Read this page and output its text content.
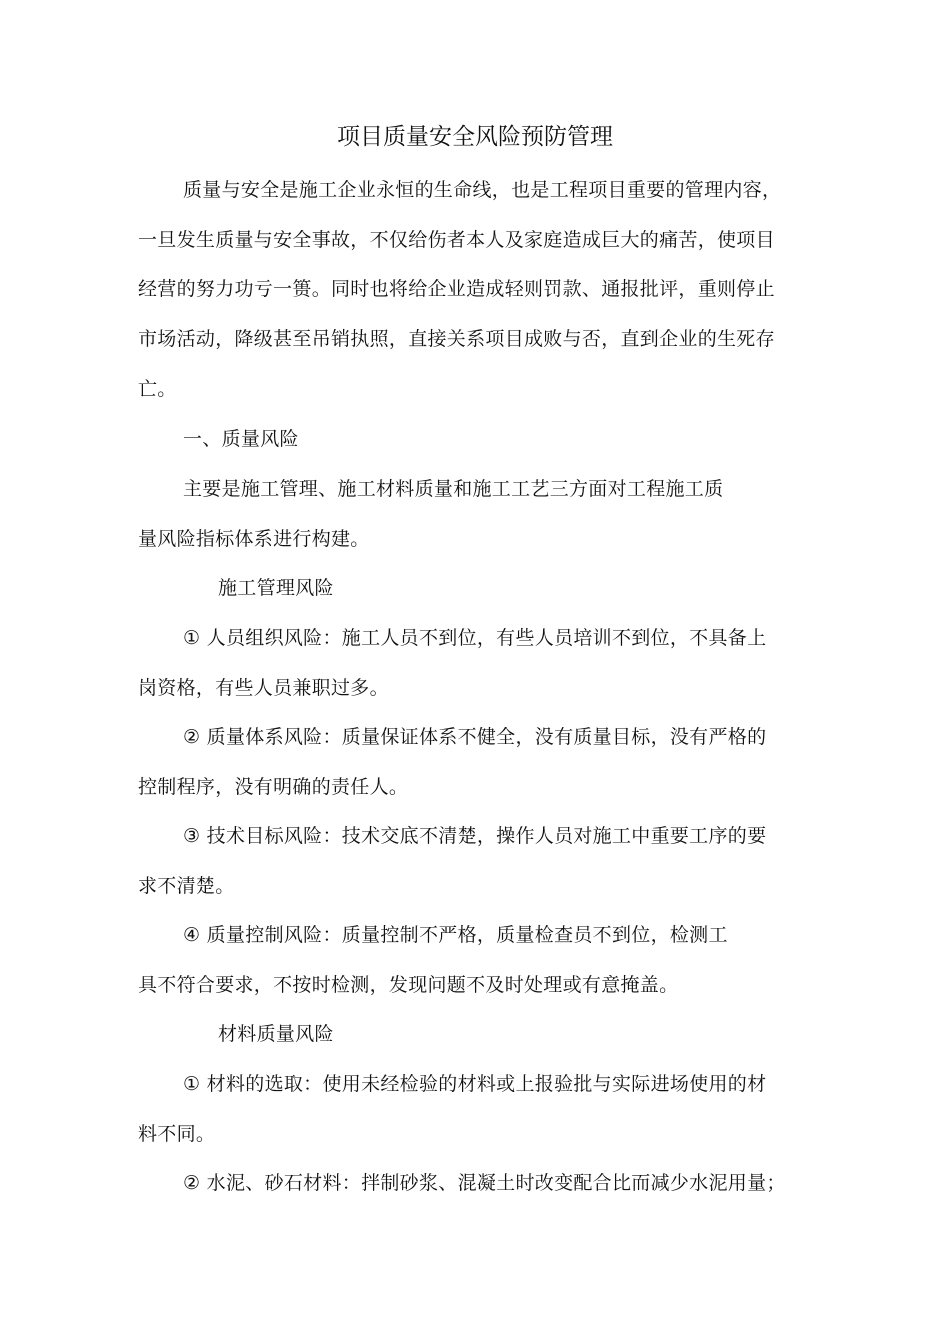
项目质量安全风险预防管理
质量与安全是施工企业永恒的生命线，也是工程项目重要的管理内容，
一旦发生质量与安全事故，不仅给伤者本人及家庭造成巨大的痛苦，使项目
经营的努力功亏一篑。同时也将给企业造成轻则罚款、通报批评，重则停止
市场活动，降级甚至吊销执照，直接关系项目成败与否，直到企业的生死存
亡。
一、质量风险
主要是施工管理、施工材料质量和施工工艺三方面对工程施工质
量风险指标体系进行构建。
施工管理风险
① 人员组织风险：施工人员不到位，有些人员培训不到位，不具备上
岗资格，有些人员兼职过多。
② 质量体系风险：质量保证体系不健全，没有质量目标，没有严格的
控制程序，没有明确的责任人。
③ 技术目标风险：技术交底不清楚，操作人员对施工中重要工序的要
求不清楚。
④ 质量控制风险：质量控制不严格，质量检查员不到位，检测工
具不符合要求，不按时检测，发现问题不及时处理或有意掩盖。
材料质量风险
① 材料的选取：使用未经检验的材料或上报验批与实际进场使用的材
料不同。
② 水泥、砂石材料：拌制砂浆、混凝土时改变配合比而减少水泥用量；
